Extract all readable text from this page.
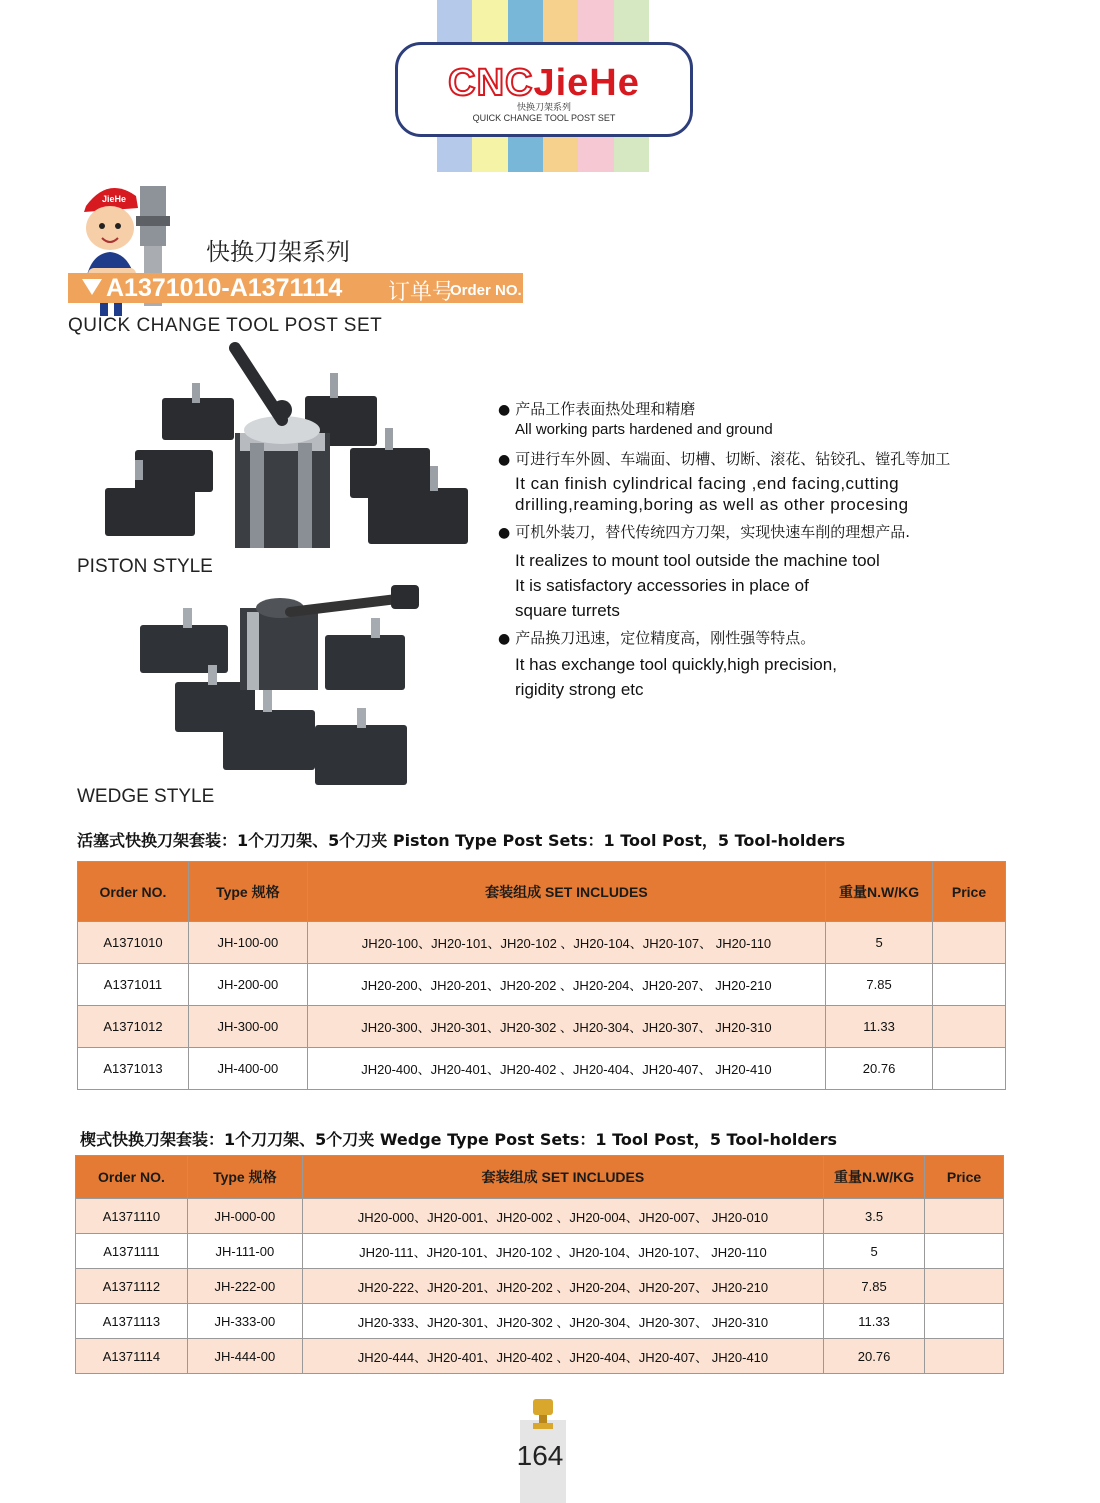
CNCJieHe
快换刀架系列
QUICK CHANGE TOOL POST SET
JieHe
快换刀架系列
A1371010-A1371114 订单号
Order NO.
QUICK CHANGE TOOL POST SET
PISTON STYLE
WEDGE STYLE
● 产品工作表面热处理和精磨
All working parts hardened and ground
● 可进行车外圆、车端面、切槽、切断、滚花、钻铰孔、镗孔等加工
It can finish cylindrical facing ,end facing,cutting
drilling,reaming,boring as well as other procesing
● 可机外装刀，替代传统四方刀架，实现快速车削的理想产品.
It realizes to mount tool outside the machine tool
It is satisfactory accessories in place of
square turrets
● 产品换刀迅速，定位精度高，刚性强等特点。
It has exchange tool quickly,high precision,
rigidity strong etc
活塞式快换刀架套装：1个刀刀架、5个刀夹 Piston Type Post Sets：1 Tool Post，5 Tool-holders
Order NO.	Type 规格	套装组成 SET INCLUDES	重量N.W/KG	Price
A1371010	JH-100-00	JH20-100、JH20-101、JH20-102 、JH20-104、JH20-107、 JH20-110	5	
A1371011	JH-200-00	JH20-200、JH20-201、JH20-202 、JH20-204、JH20-207、 JH20-210	7.85	
A1371012	JH-300-00	JH20-300、JH20-301、JH20-302 、JH20-304、JH20-307、 JH20-310	11.33	
A1371013	JH-400-00	JH20-400、JH20-401、JH20-402 、JH20-404、JH20-407、 JH20-410	20.76	
楔式快换刀架套装：1个刀刀架、5个刀夹 Wedge Type Post Sets：1 Tool Post，5 Tool-holders
Order NO.	Type 规格	套装组成 SET INCLUDES	重量N.W/KG	Price
A1371110	JH-000-00	JH20-000、JH20-001、JH20-002 、JH20-004、JH20-007、 JH20-010	3.5	
A1371111	JH-111-00	JH20-111、JH20-101、JH20-102 、JH20-104、JH20-107、 JH20-110	5	
A1371112	JH-222-00	JH20-222、JH20-201、JH20-202 、JH20-204、JH20-207、 JH20-210	7.85	
A1371113	JH-333-00	JH20-333、JH20-301、JH20-302 、JH20-304、JH20-307、 JH20-310	11.33	
A1371114	JH-444-00	JH20-444、JH20-401、JH20-402 、JH20-404、JH20-407、 JH20-410	20.76	
164
